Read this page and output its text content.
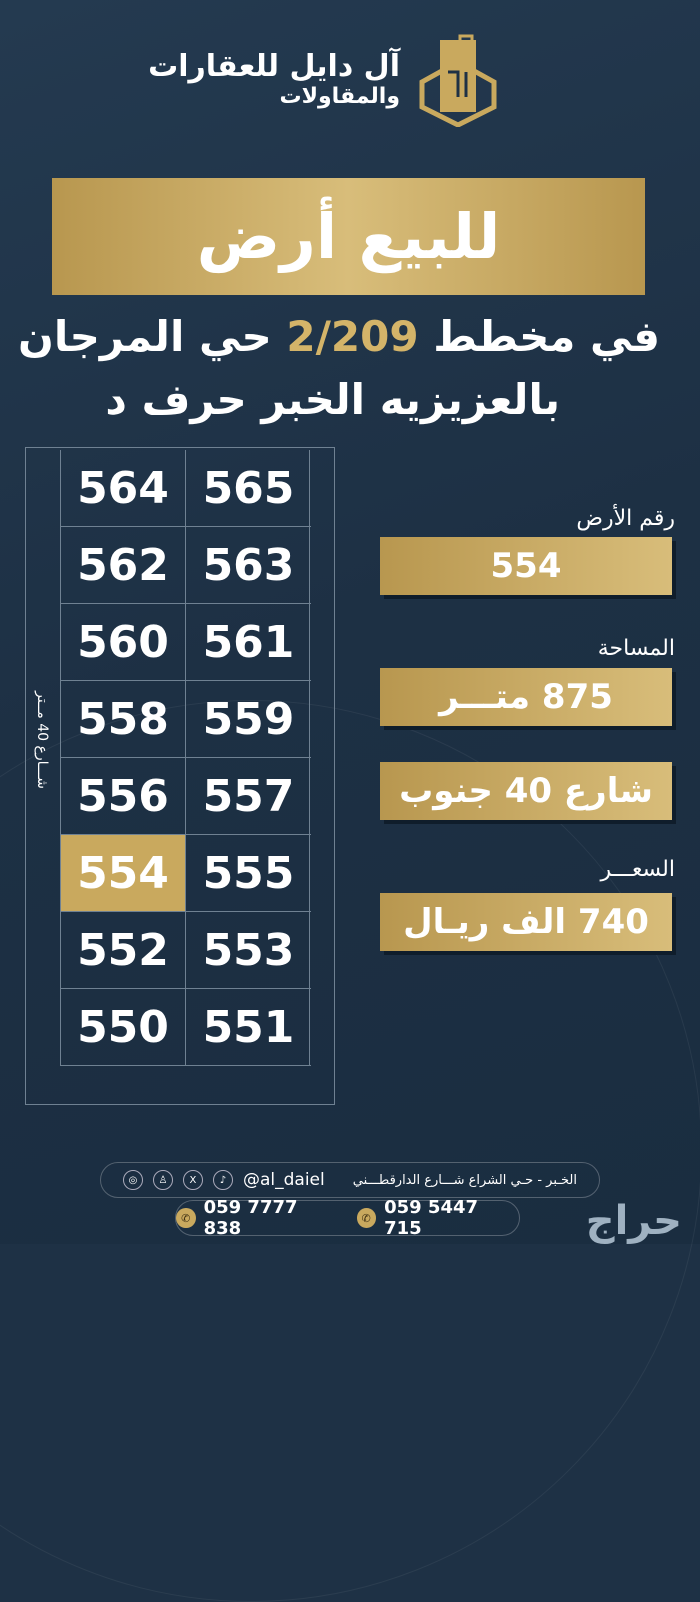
آل دايل للعقارات
والمقاولات
للبيع أرض
في مخطط 2/209 حي المرجان
بالعزيزيه الخبر حرف د
شـــارع 40 مــتر
564 565
562 563
560 561
558 559
556 557
554 555
552 553
550 551
رقم الأرض
554
المساحة
875 متـــر
شارع 40 جنوب
السعـــر
740 الف ريـال
◎	♙	X	♪ @al_daiel الخـبر - حـي الشراع شـــارع الدارقطـــني
✆ 059 7777 838	✆ 059 5447 715	حراج
